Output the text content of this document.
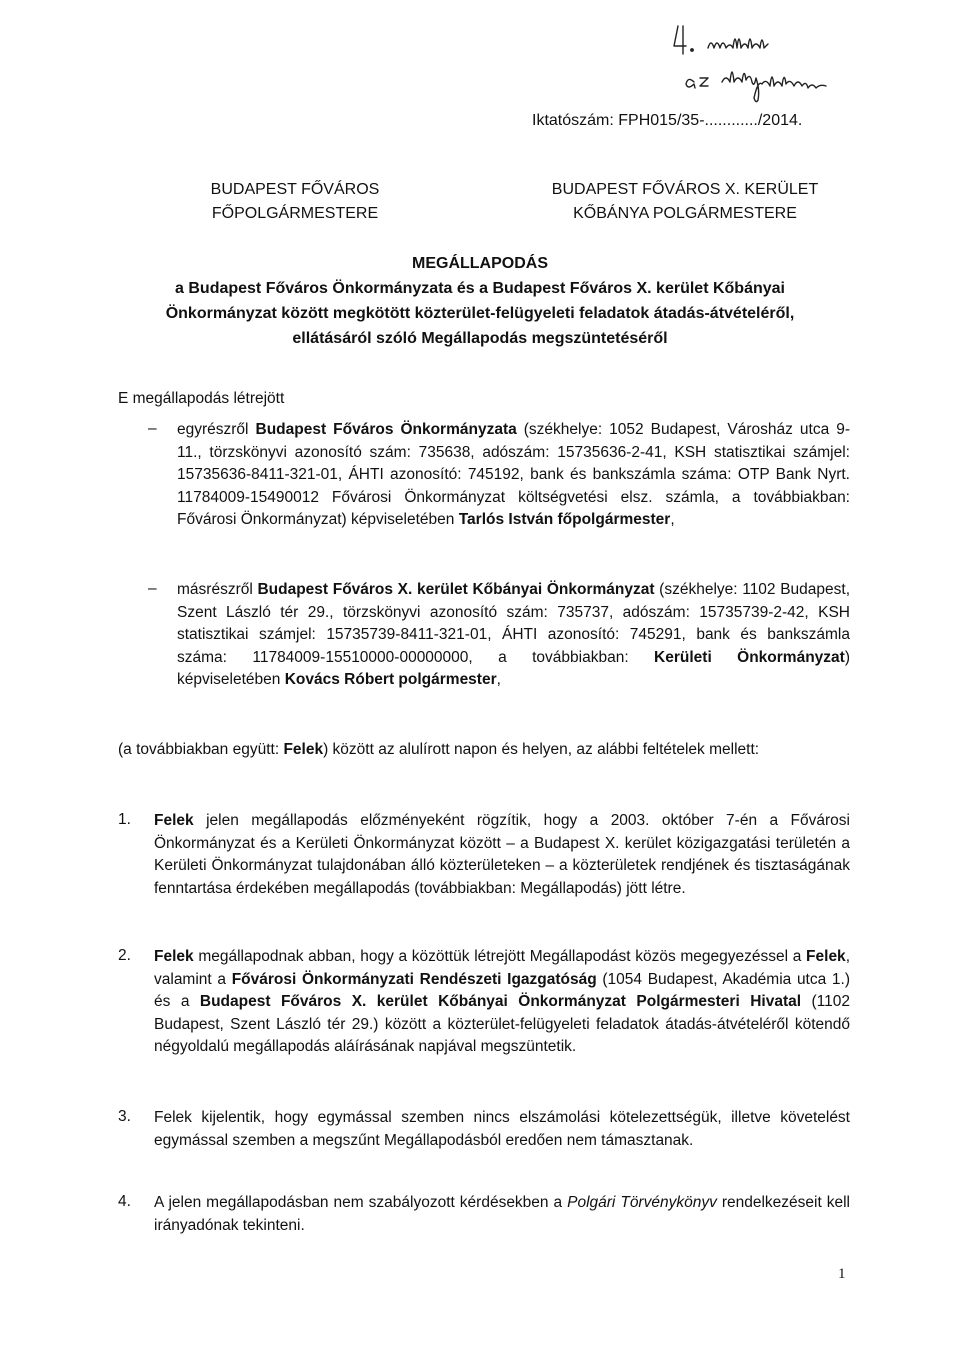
Iktatószám: FPH015/35-............/2014.
BUDAPEST FŐVÁROS
FŐPOLGÁRMESTERE
BUDAPEST FŐVÁROS X. KERÜLET
KŐBÁNYA POLGÁRMESTERE
MEGÁLLAPODÁS
a Budapest Főváros Önkormányzata és a Budapest Főváros X. kerület Kőbányai
Önkormányzat között megkötött közterület-felügyeleti feladatok átadás-átvételéről,
ellátásáról szóló Megállapodás megszüntetéséről
E megállapodás létrejött
–	egyrészről Budapest Főváros Önkormányzata (székhelye: 1052 Budapest, Városház utca 9-11., törzskönyvi azonosító szám: 735638, adószám: 15735636-2-41, KSH statisztikai számjel: 15735636-8411-321-01, ÁHTI azonosító: 745192, bank és bankszámla száma: OTP Bank Nyrt. 11784009-15490012 Fővárosi Önkormányzat költségvetési elsz. számla, a továbbiakban: Fővárosi Önkormányzat) képviseletében Tarlós István főpolgármester,
–	másrészről Budapest Főváros X. kerület Kőbányai Önkormányzat (székhelye: 1102 Budapest, Szent László tér 29., törzskönyvi azonosító szám: 735737, adószám: 15735739-2-42, KSH statisztikai számjel: 15735739-8411-321-01, ÁHTI azonosító: 745291, bank és bankszámla száma: 11784009-15510000-00000000, a továbbiakban: Kerületi Önkormányzat) képviseletében Kovács Róbert polgármester,
(a továbbiakban együtt: Felek) között az alulírott napon és helyen, az alábbi feltételek mellett:
1.	Felek jelen megállapodás előzményeként rögzítik, hogy a 2003. október 7-én a Fővárosi Önkormányzat és a Kerületi Önkormányzat között – a Budapest X. kerület közigazgatási területén a Kerületi Önkormányzat tulajdonában álló közterületeken – a közterületek rendjének és tisztaságának fenntartása érdekében megállapodás (továbbiakban: Megállapodás) jött létre.
2.	Felek megállapodnak abban, hogy a közöttük létrejött Megállapodást közös megegyezéssel a Felek, valamint a Fővárosi Önkormányzati Rendészeti Igazgatóság (1054 Budapest, Akadémia utca 1.) és a Budapest Főváros X. kerület Kőbányai Önkormányzat Polgármesteri Hivatal (1102 Budapest, Szent László tér 29.) között a közterület-felügyeleti feladatok átadás-átvételéről kötendő négyoldalú megállapodás aláírásának napjával megszüntetik.
3.	Felek kijelentik, hogy egymással szemben nincs elszámolási kötelezettségük, illetve követelést egymással szemben a megszűnt Megállapodásból eredően nem támasztanak.
4.	A jelen megállapodásban nem szabályozott kérdésekben a Polgári Törvénykönyv rendelkezéseit kell irányadónak tekinteni.
1
